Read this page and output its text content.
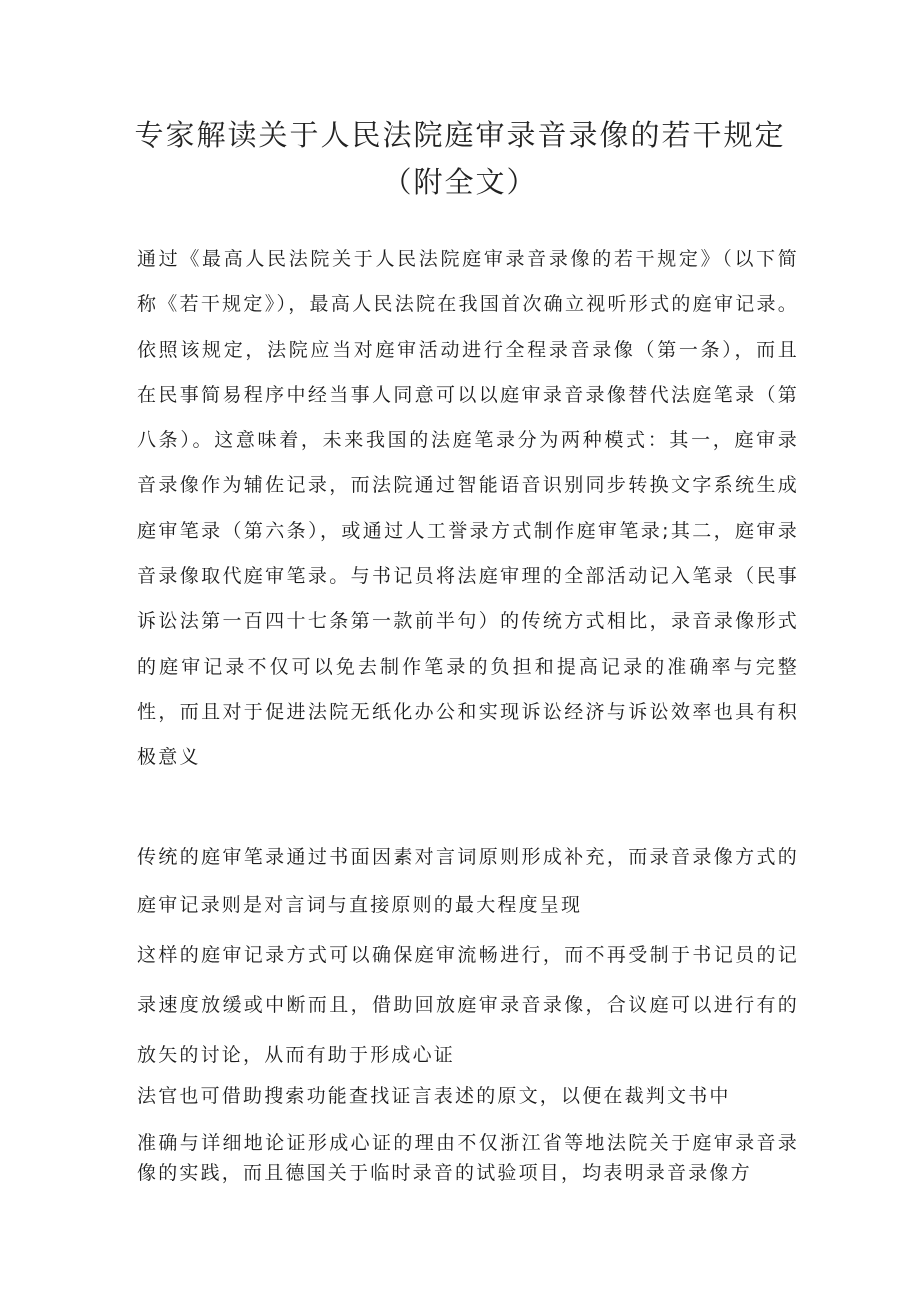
专家解读关于人民法院庭审录音录像的若干规定
（附全文）

通过《最高人民法院关于人民法院庭审录音录像的若干规定》（以下简称《若干规定》），最高人民法院在我国首次确立视听形式的庭审记录。依照该规定，法院应当对庭审活动进行全程录音录像（第一条），而且在民事简易程序中经当事人同意可以以庭审录音录像替代法庭笔录（第八条）。这意味着，未来我国的法庭笔录分为两种模式：其一，庭审录音录像作为辅佐记录，而法院通过智能语音识别同步转换文字系统生成庭审笔录（第六条），或通过人工誉录方式制作庭审笔录;其二，庭审录音录像取代庭审笔录。与书记员将法庭审理的全部活动记入笔录（民事诉讼法第一百四十七条第一款前半句）的传统方式相比，录音录像形式的庭审记录不仅可以免去制作笔录的负担和提高记录的准确率与完整性，而且对于促进法院无纸化办公和实现诉讼经济与诉讼效率也具有积极意义

传统的庭审笔录通过书面因素对言词原则形成补充，而录音录像方式的庭审记录则是对言词与直接原则的最大程度呈现

这样的庭审记录方式可以确保庭审流畅进行，而不再受制于书记员的记录速度放缓或中断而且，借助回放庭审录音录像，合议庭可以进行有的放矢的讨论，从而有助于形成心证

法官也可借助搜索功能查找证言表述的原文，以便在裁判文书中

准确与详细地论证形成心证的理由不仅浙江省等地法院关于庭审录音录像的实践，而且德国关于临时录音的试验项目，均表明录音录像方
